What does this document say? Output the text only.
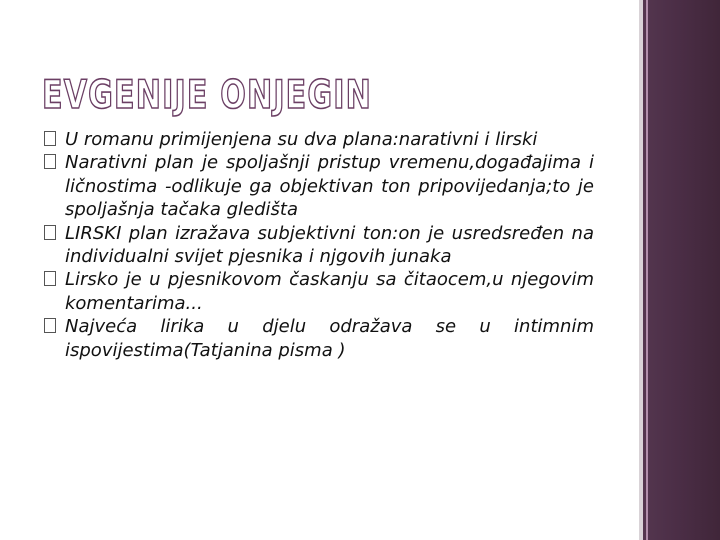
EVGENIJE ONJEGIN
U romanu primijenjena su dva plana:narativni i lirski
Narativni plan je spoljašnji pristup vremenu,događajima i ličnostima -odlikuje ga objektivan ton pripovijedanja;to je spoljašnja tačaka gledišta
LIRSKI plan izražava subjektivni ton:on je usredsređen na individualni svijet pjesnika i njgovih junaka
Lirsko je u pjesnikovom časkanju sa čitaocem,u njegovim komentarima...
Najveća lirika u djelu odražava se u intimnim ispovijestima(Tatjanina pisma )
